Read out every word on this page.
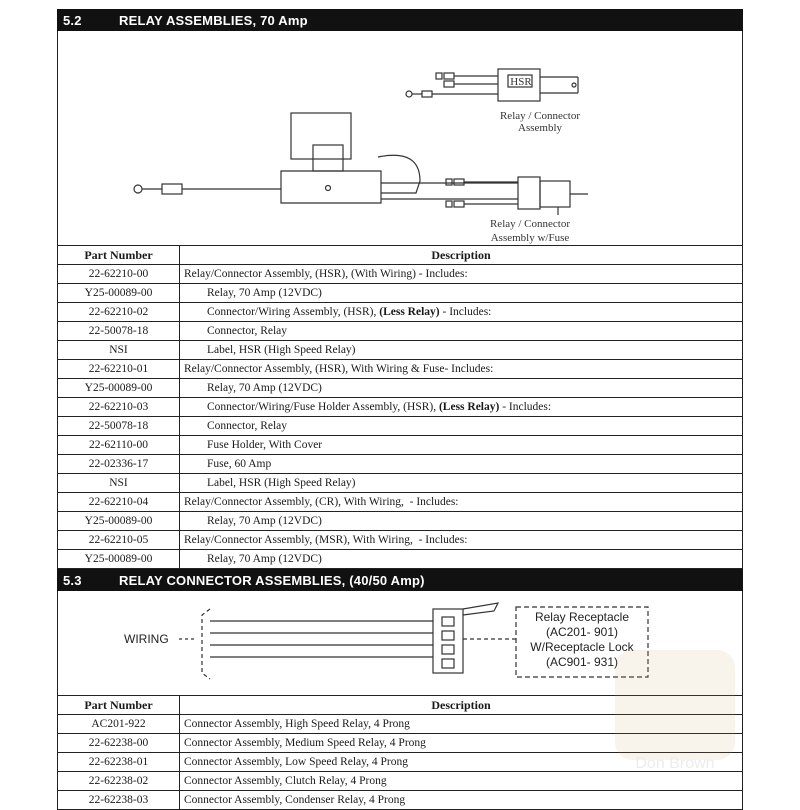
5.2	RELAY ASSEMBLIES, 70 Amp
HSR
Relay / Connector
Assembly
Relay / Connector
Assembly w/Fuse
Part Number	Description
22-62210-00	Relay/Connector Assembly, (HSR), (With Wiring) - Includes:
Y25-00089-00	Relay, 70 Amp (12VDC)
22-62210-02	Connector/Wiring Assembly, (HSR), (Less Relay) - Includes:
22-50078-18	Connector, Relay
NSI	Label, HSR (High Speed Relay)
22-62210-01	Relay/Connector Assembly, (HSR), With Wiring & Fuse- Includes:
Y25-00089-00	Relay, 70 Amp (12VDC)
22-62210-03	Connector/Wiring/Fuse Holder Assembly, (HSR), (Less Relay) - Includes:
22-50078-18	Connector, Relay
22-62110-00	Fuse Holder, With Cover
22-02336-17	Fuse, 60 Amp
NSI	Label, HSR (High Speed Relay)
22-62210-04	Relay/Connector Assembly, (CR), With Wiring,  - Includes:
Y25-00089-00	Relay, 70 Amp (12VDC)
22-62210-05	Relay/Connector Assembly, (MSR), With Wiring,  - Includes:
Y25-00089-00	Relay, 70 Amp (12VDC)
5.3	RELAY CONNECTOR ASSEMBLIES, (40/50 Amp)
WIRING
Relay Receptacle
(AC201- 901)
W/Receptacle Lock
(AC901- 931)
Part Number	Description
AC201-922	Connector Assembly, High Speed Relay, 4 Prong
22-62238-00	Connector Assembly, Medium Speed Relay, 4 Prong
22-62238-01	Connector Assembly, Low Speed Relay, 4 Prong
22-62238-02	Connector Assembly, Clutch Relay, 4 Prong
22-62238-03	Connector Assembly, Condenser Relay, 4 Prong
Don Brown
